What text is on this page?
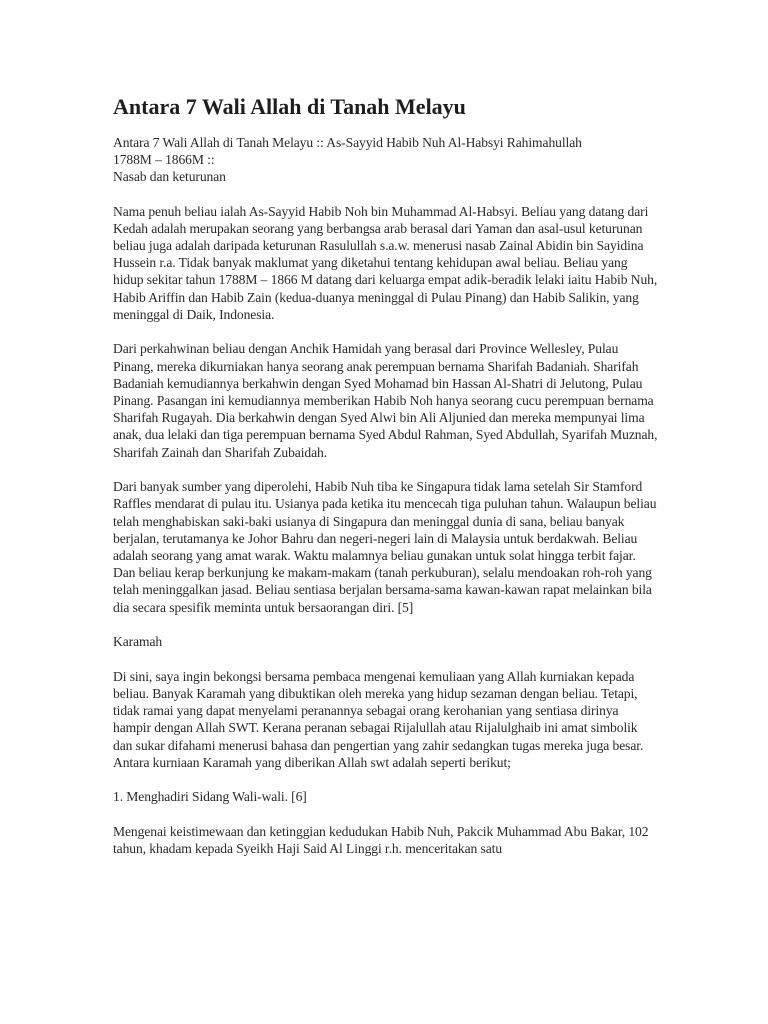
Antara 7 Wali Allah di Tanah Melayu
Antara 7 Wali Allah di Tanah Melayu :: As-Sayyid Habib Nuh Al-Habsyi Rahimahullah
1788M – 1866M ::
Nasab dan keturunan

Nama penuh beliau ialah As-Sayyid Habib Noh bin Muhammad Al-Habsyi. Beliau yang datang dari Kedah adalah merupakan seorang yang berbangsa arab berasal dari Yaman dan asal-usul keturunan beliau juga adalah daripada keturunan Rasulullah s.a.w. menerusi nasab Zainal Abidin bin Sayidina Hussein r.a. Tidak banyak maklumat yang diketahui tentang kehidupan awal beliau. Beliau yang hidup sekitar tahun 1788M – 1866 M datang dari keluarga empat adik-beradik lelaki iaitu Habib Nuh, Habib Ariffin dan Habib Zain (kedua-duanya meninggal di Pulau Pinang) dan Habib Salikin, yang meninggal di Daik, Indonesia.

Dari perkahwinan beliau dengan Anchik Hamidah yang berasal dari Province Wellesley, Pulau Pinang, mereka dikurniakan hanya seorang anak perempuan bernama Sharifah Badaniah. Sharifah Badaniah kemudiannya berkahwin dengan Syed Mohamad bin Hassan Al-Shatri di Jelutong, Pulau Pinang. Pasangan ini kemudiannya memberikan Habib Noh hanya seorang cucu perempuan bernama Sharifah Rugayah. Dia berkahwin dengan Syed Alwi bin Ali Aljunied dan mereka mempunyai lima anak, dua lelaki dan tiga perempuan bernama Syed Abdul Rahman, Syed Abdullah, Syarifah Muznah, Sharifah Zainah dan Sharifah Zubaidah.

Dari banyak sumber yang diperolehi, Habib Nuh tiba ke Singapura tidak lama setelah Sir Stamford Raffles mendarat di pulau itu. Usianya pada ketika itu mencecah tiga puluhan tahun. Walaupun beliau telah menghabiskan saki-baki usianya di Singapura dan meninggal dunia di sana, beliau banyak berjalan, terutamanya ke Johor Bahru dan negeri-negeri lain di Malaysia untuk berdakwah. Beliau adalah seorang yang amat warak. Waktu malamnya beliau gunakan untuk solat hingga terbit fajar. Dan beliau kerap berkunjung ke makam-makam (tanah perkuburan), selalu mendoakan roh-roh yang telah meninggalkan jasad. Beliau sentiasa berjalan bersama-sama kawan-kawan rapat melainkan bila dia secara spesifik meminta untuk bersaorangan diri. [5]

Karamah

Di sini, saya ingin bekongsi bersama pembaca mengenai kemuliaan yang Allah kurniakan kepada beliau. Banyak Karamah yang dibuktikan oleh mereka yang hidup sezaman dengan beliau. Tetapi, tidak ramai yang dapat menyelami peranannya sebagai orang kerohanian yang sentiasa dirinya hampir dengan Allah SWT. Kerana peranan sebagai Rijalullah atau Rijalulghaib ini amat simbolik dan sukar difahami menerusi bahasa dan pengertian yang zahir sedangkan tugas mereka juga besar. Antara kurniaan Karamah yang diberikan Allah swt adalah seperti berikut;

1. Menghadiri Sidang Wali-wali. [6]

Mengenai keistimewaan dan ketinggian kedudukan Habib Nuh, Pakcik Muhammad Abu Bakar, 102 tahun, khadam kepada Syeikh Haji Said Al Linggi r.h. menceritakan satu
